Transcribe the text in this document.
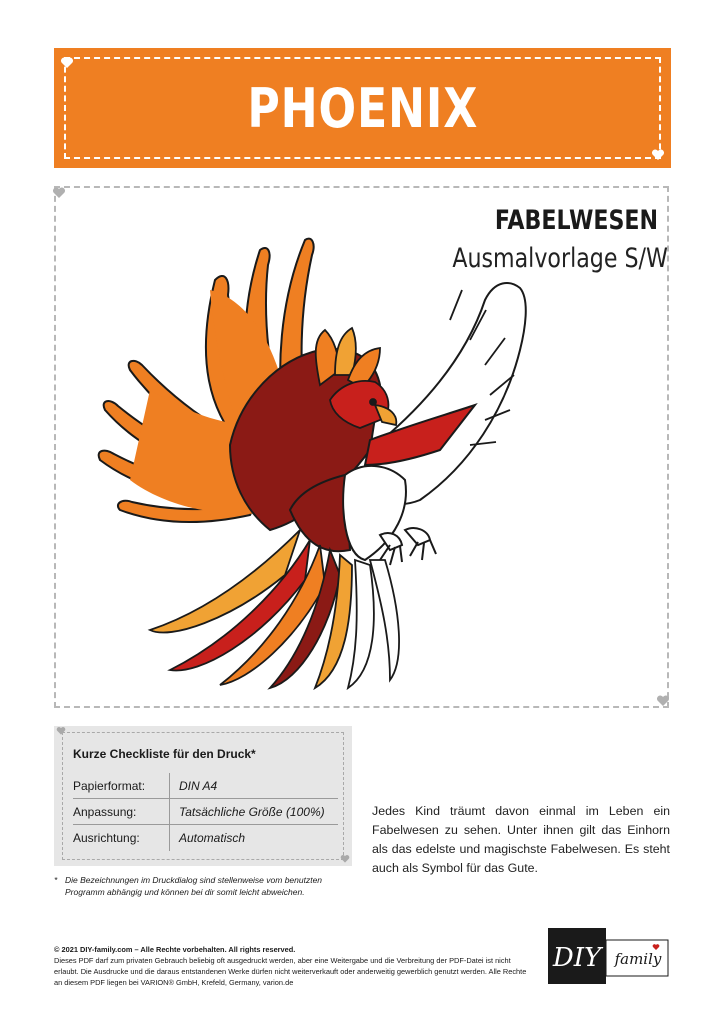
PHOENIX
FABELWESEN
Ausmalvorlage S/W
Kurze Checkliste für den Druck*
Papierformat:	DIN A4
Anpassung:	Tatsächliche Größe (100%)
Ausrichtung:	Automatisch
* Die Bezeichnungen im Druckdialog sind stellenweise vom benutzten Programm abhängig und können bei dir somit leicht abweichen.
Jedes Kind träumt davon einmal im Leben ein Fabelwesen zu sehen. Unter ihnen gilt das Einhorn als das edelste und magischste Fabelwesen. Es steht auch als Symbol für das Gute.
© 2021 DIY-family.com – Alle Rechte vorbehalten. All rights reserved.
Dieses PDF darf zum privaten Gebrauch beliebig oft ausgedruckt werden, aber eine Weitergabe und die Verbreitung der PDF-Datei ist nicht erlaubt. Die Ausdrucke und die daraus entstandenen Werke dürfen nicht weiterverkauft oder anderweitig gewerblich genutzt werden. Alle Rechte an diesem PDF liegen bei VARION® GmbH, Krefeld, Germany, varion.de
DIY family
